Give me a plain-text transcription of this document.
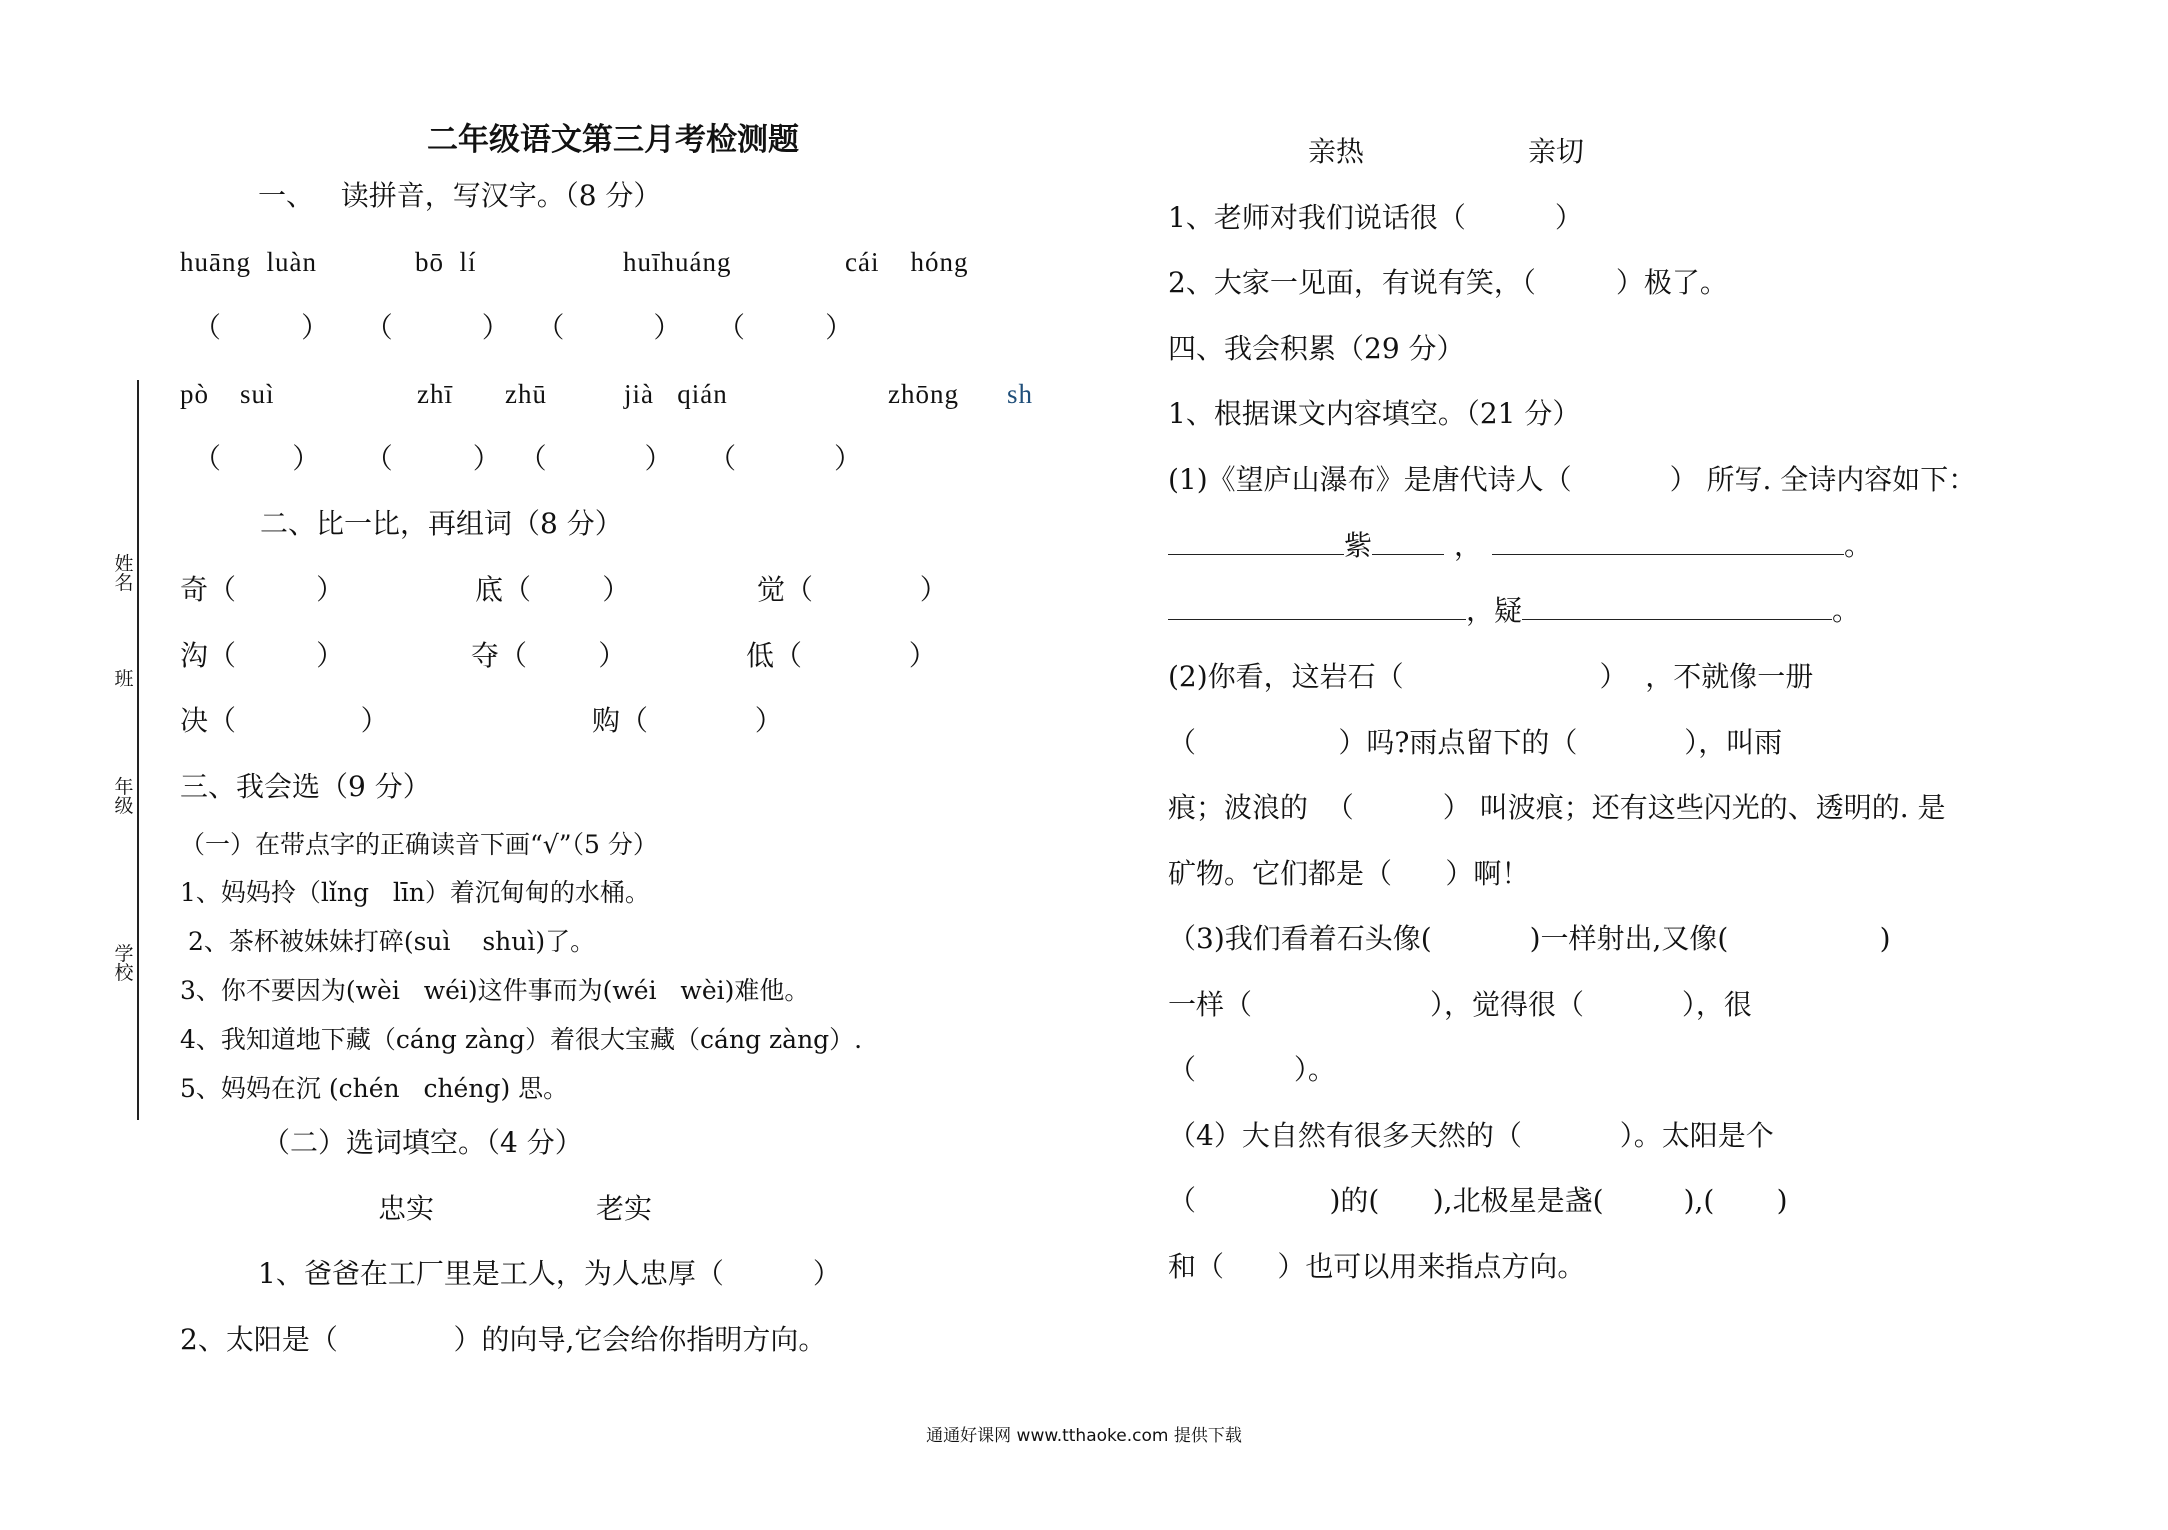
姓名
班
年级
学校
二年级语文第三月考检测题
一、   读拼音，写汉字。（8 分）
huāng  luàn	bō  lí	huīhuáng	cái    hóng
（         ）    （          ）   （          ）    （         ）
pò    suì	zhī zhū	jià   qián	zhōng sh
（        ）     （         ）  （           ）    （           ）
二、比一比，再组词（8 分）
奇 （         ）	底 （        ）	觉 （            ）
沟 （         ）	夺 （        ）	低 （            ）
决 （              ）	购 （            ）
三、我会选（9 分）
（一）在带点字的正确读音下画“√”（5 分）
1、妈妈拎（lǐng   līn）着沉甸甸的水桶。
2、茶杯被妹妹打碎(suì    shuì)了。
3、你不要因为(wèi   wéi)这件事而为(wéi   wèi)难他。
4、我知道地下藏（cáng zàng）着很大宝藏（cáng zàng）.
5、妈妈在沉 (chén   chéng) 思。
（二）选词填空。（4 分）
忠实	老实
1、爸爸在工厂里是工人，为人忠厚（          ）
2、太阳是（             ）的向导,它会给你指明方向。
亲热	亲切
1、老师对我们说话很（          ）
2、大家一见面，有说有笑，（         ）极了。
四、我会积累（29 分）
1、根据课文内容填空。（21 分）
(1)《望庐山瀑布》是唐代诗人（           ） 所写. 全诗内容如下：
紫	，	。
，疑	。
(2)你看，这岩石（                      ）  ，不就像一册
（                ）吗?雨点留下的（            ），叫雨
痕；波浪的  （          ） 叫波痕；还有这些闪光的、透明的. 是
矿物。它们都是（      ）啊！
（3)我们看着石头像(           )一样射出,又像(                 )
一样（                    ），觉得很（           ），很
（           ）。
（4）大自然有很多天然的（           ）。太阳是个
（               )的(      ),北极星是盏(         ),(       )
和（      ）也可以用来指点方向。
通通好课网 www.tthaoke.com 提供下载
